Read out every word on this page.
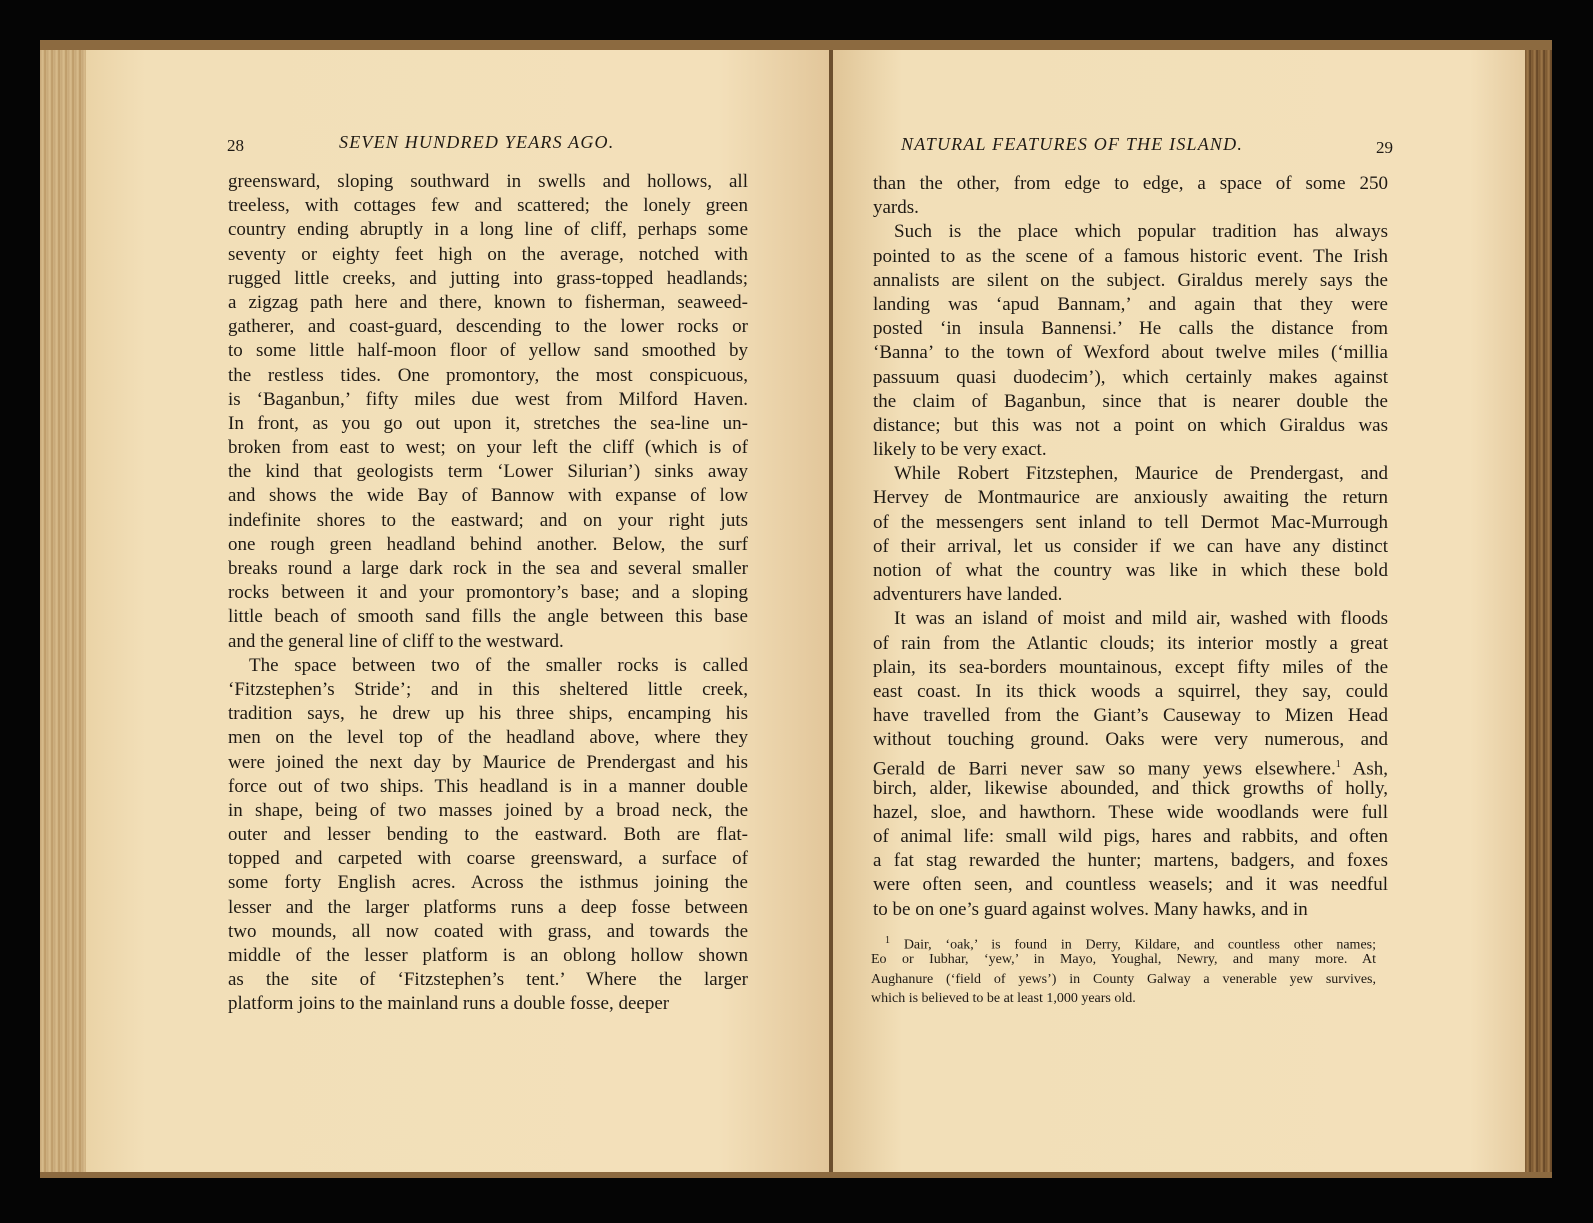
28	SEVEN HUNDRED YEARS AGO.
greensward, sloping southward in swells and hollows, all
treeless, with cottages few and scattered; the lonely green
country ending abruptly in a long line of cliff, perhaps some
seventy or eighty feet high on the average, notched with
rugged little creeks, and jutting into grass-topped headlands;
a zigzag path here and there, known to fisherman, seaweed-
gatherer, and coast-guard, descending to the lower rocks or
to some little half-moon floor of yellow sand smoothed by
the restless tides. One promontory, the most conspicuous,
is ‘Baganbun,’ fifty miles due west from Milford Haven.
In front, as you go out upon it, stretches the sea-line un-
broken from east to west; on your left the cliff (which is of
the kind that geologists term ‘Lower Silurian’) sinks away
and shows the wide Bay of Bannow with expanse of low
indefinite shores to the eastward; and on your right juts
one rough green headland behind another. Below, the surf
breaks round a large dark rock in the sea and several smaller
rocks between it and your promontory’s base; and a sloping
little beach of smooth sand fills the angle between this base
and the general line of cliff to the westward.
The space between two of the smaller rocks is called
‘Fitzstephen’s Stride’; and in this sheltered little creek,
tradition says, he drew up his three ships, encamping his
men on the level top of the headland above, where they
were joined the next day by Maurice de Prendergast and his
force out of two ships. This headland is in a manner double
in shape, being of two masses joined by a broad neck, the
outer and lesser bending to the eastward. Both are flat-
topped and carpeted with coarse greensward, a surface of
some forty English acres. Across the isthmus joining the
lesser and the larger platforms runs a deep fosse between
two mounds, all now coated with grass, and towards the
middle of the lesser platform is an oblong hollow shown
as the site of ‘Fitzstephen’s tent.’ Where the larger
platform joins to the mainland runs a double fosse, deeper
NATURAL FEATURES OF THE ISLAND.	29
than the other, from edge to edge, a space of some 250
yards.
Such is the place which popular tradition has always
pointed to as the scene of a famous historic event. The Irish
annalists are silent on the subject. Giraldus merely says the
landing was ‘apud Bannam,’ and again that they were
posted ‘in insula Bannensi.’ He calls the distance from
‘Banna’ to the town of Wexford about twelve miles (‘millia
passuum quasi duodecim’), which certainly makes against
the claim of Baganbun, since that is nearer double the
distance; but this was not a point on which Giraldus was
likely to be very exact.
While Robert Fitzstephen, Maurice de Prendergast, and
Hervey de Montmaurice are anxiously awaiting the return
of the messengers sent inland to tell Dermot Mac-Murrough
of their arrival, let us consider if we can have any distinct
notion of what the country was like in which these bold
adventurers have landed.
It was an island of moist and mild air, washed with floods
of rain from the Atlantic clouds; its interior mostly a great
plain, its sea-borders mountainous, except fifty miles of the
east coast. In its thick woods a squirrel, they say, could
have travelled from the Giant’s Causeway to Mizen Head
without touching ground. Oaks were very numerous, and
Gerald de Barri never saw so many yews elsewhere.$^1$ Ash,
birch, alder, likewise abounded, and thick growths of holly,
hazel, sloe, and hawthorn. These wide woodlands were full
of animal life: small wild pigs, hares and rabbits, and often
a fat stag rewarded the hunter; martens, badgers, and foxes
were often seen, and countless weasels; and it was needful
to be on one’s guard against wolves. Many hawks, and in
$^1$ Dair, ‘oak,’ is found in Derry, Kildare, and countless other names;
Eo or Iubhar, ‘yew,’ in Mayo, Youghal, Newry, and many more. At
Aughanure (‘field of yews’) in County Galway a venerable yew survives,
which is believed to be at least 1,000 years old.
